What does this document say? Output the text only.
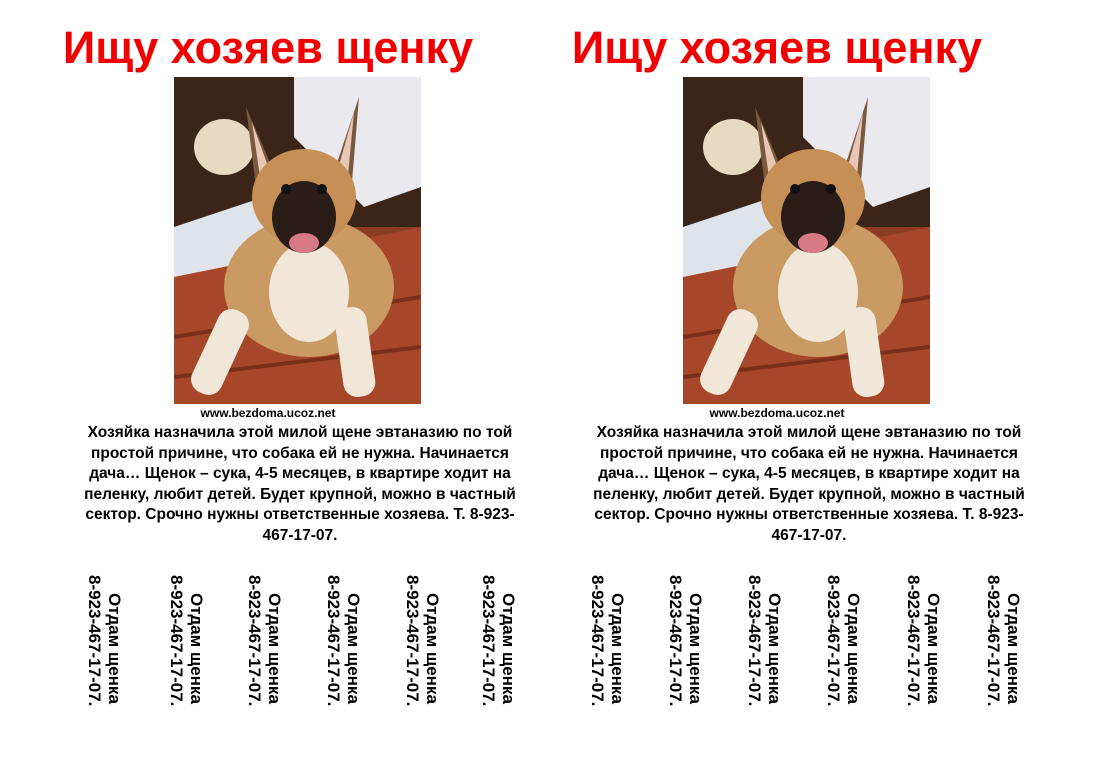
Ищу хозяев щенку
www.bezdoma.ucoz.net
Хозяйка назначила этой милой щене эвтаназию по той простой причине, что собака ей не нужна. Начинается дача… Щенок – сука, 4-5 месяцев, в квартире ходит на пеленку, любит детей. Будет крупной, можно в частный сектор. Срочно нужны ответственные хозяева. Т. 8-923-467-17-07.
Отдам щенка
8-923-467-17-07.	Отдам щенка
8-923-467-17-07.	Отдам щенка
8-923-467-17-07.	Отдам щенка
8-923-467-17-07.	Отдам щенка
8-923-467-17-07.	Отдам щенка
8-923-467-17-07.
Ищу хозяев щенку
www.bezdoma.ucoz.net
Хозяйка назначила этой милой щене эвтаназию по той простой причине, что собака ей не нужна. Начинается дача… Щенок – сука, 4-5 месяцев, в квартире ходит на пеленку, любит детей. Будет крупной, можно в частный сектор. Срочно нужны ответственные хозяева. Т. 8-923-467-17-07.
Отдам щенка
8-923-467-17-07.	Отдам щенка
8-923-467-17-07.	Отдам щенка
8-923-467-17-07.	Отдам щенка
8-923-467-17-07.	Отдам щенка
8-923-467-17-07.	Отдам щенка
8-923-467-17-07.
